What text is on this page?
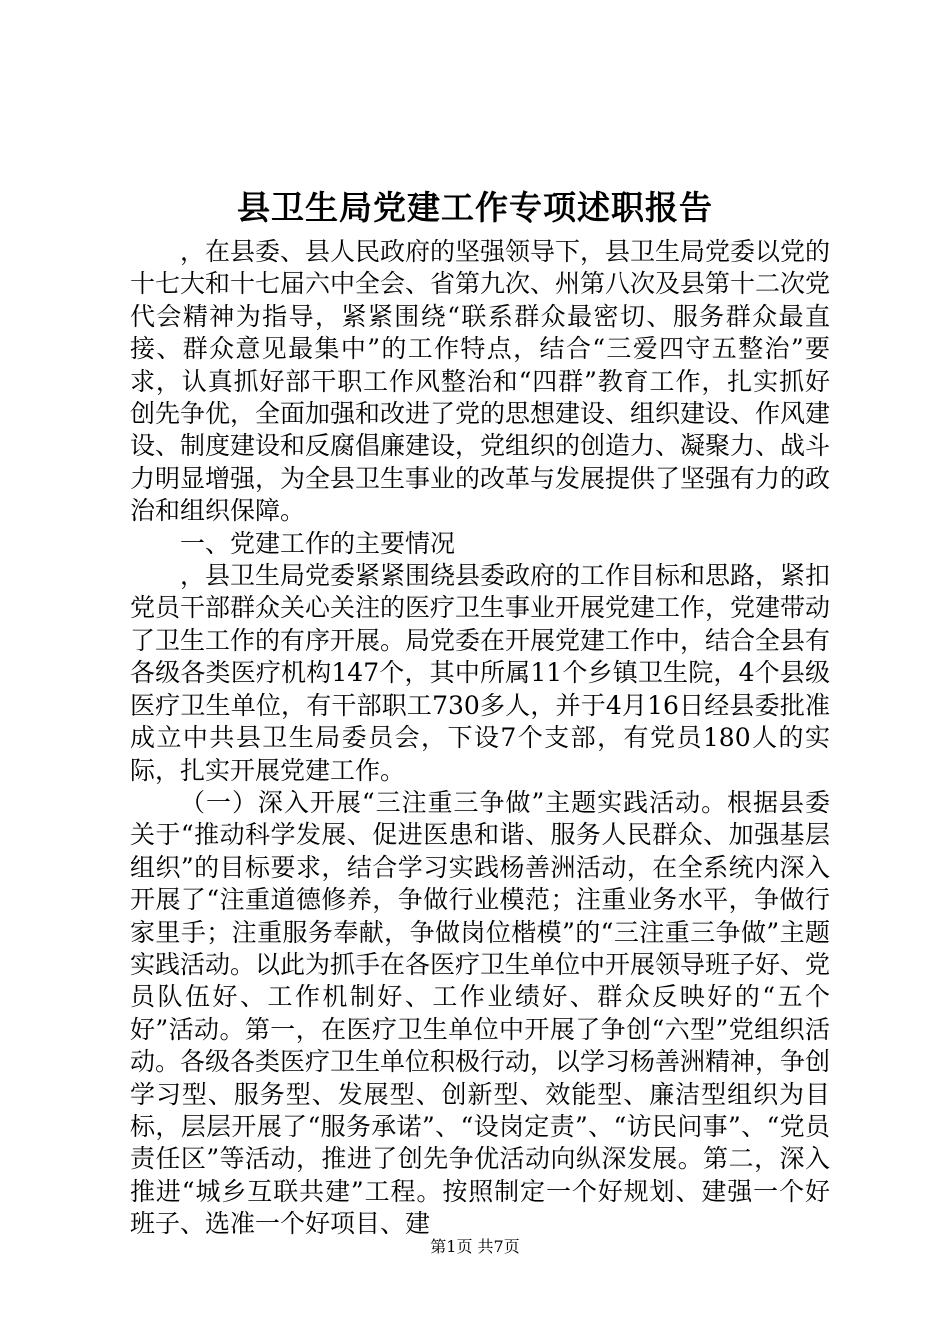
县卫生局党建工作专项述职报告

，在县委、县人民政府的坚强领导下，县卫生局党委以党的十七大和十七届六中全会、省第九次、州第八次及县第十二次党代会精神为指导，紧紧围绕“联系群众最密切、服务群众最直接、群众意见最集中”的工作特点，结合“三爱四守五整治”要求，认真抓好部干职工作风整治和“四群”教育工作，扎实抓好创先争优，全面加强和改进了党的思想建设、组织建设、作风建设、制度建设和反腐倡廉建设，党组织的创造力、凝聚力、战斗力明显增强，为全县卫生事业的改革与发展提供了坚强有力的政治和组织保障。

一、党建工作的主要情况

，县卫生局党委紧紧围绕县委政府的工作目标和思路，紧扣党员干部群众关心关注的医疗卫生事业开展党建工作，党建带动了卫生工作的有序开展。局党委在开展党建工作中，结合全县有各级各类医疗机构147个，其中所属11个乡镇卫生院，4个县级医疗卫生单位，有干部职工730多人，并于4月16日经县委批准成立中共县卫生局委员会，下设7个支部，有党员180人的实际，扎实开展党建工作。

（一）深入开展“三注重三争做”主题实践活动。根据县委关于“推动科学发展、促进医患和谐、服务人民群众、加强基层组织”的目标要求，结合学习实践杨善洲活动，在全系统内深入开展了“注重道德修养，争做行业模范；注重业务水平，争做行家里手；注重服务奉献，争做岗位楷模”的“三注重三争做”主题实践活动。以此为抓手在各医疗卫生单位中开展领导班子好、党员队伍好、工作机制好、工作业绩好、群众反映好的“五个好”活动。第一，在医疗卫生单位中开展了争创“六型”党组织活动。各级各类医疗卫生单位积极行动，以学习杨善洲精神，争创学习型、服务型、发展型、创新型、效能型、廉洁型组织为目标，层层开展了“服务承诺”、“设岗定责”、“访民问事”、“党员责任区”等活动，推进了创先争优活动向纵深发展。第二，深入推进“城乡互联共建”工程。按照制定一个好规划、建强一个好班子、选准一个好项目、建

第1页 共7页
